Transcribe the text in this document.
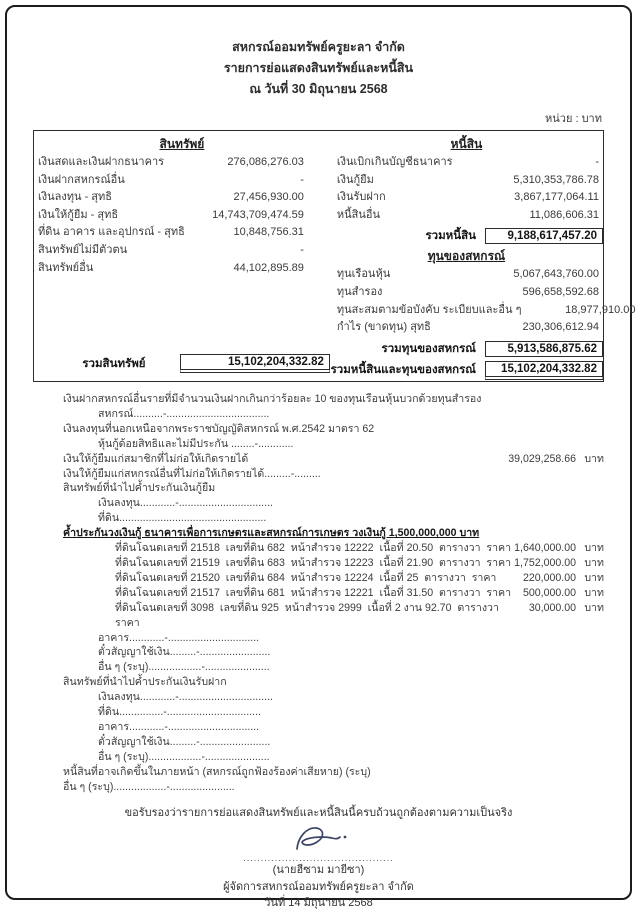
สหกรณ์ออมทรัพย์ครูยะลา จำกัด
รายการย่อแสดงสินทรัพย์และหนี้สิน
ณ วันที่ 30 มิถุนายน 2568
หน่วย : บาท
สินทรัพย์
เงินสดและเงินฝากธนาคาร	276,086,276.03
เงินฝากสหกรณ์อื่น	-
เงินลงทุน - สุทธิ	27,456,930.00
เงินให้กู้ยืม - สุทธิ	14,743,709,474.59
ที่ดิน อาคาร และอุปกรณ์ - สุทธิ	10,848,756.31
สินทรัพย์ไม่มีตัวตน	-
สินทรัพย์อื่น	44,102,895.89
รวมสินทรัพย์	15,102,204,332.82
หนี้สิน
เงินเบิกเกินบัญชีธนาคาร	-
เงินกู้ยืม	5,310,353,786.78
เงินรับฝาก	3,867,177,064.11
หนี้สินอื่น	11,086,606.31
รวมหนี้สิน	9,188,617,457.20
ทุนของสหกรณ์
ทุนเรือนหุ้น	5,067,643,760.00
ทุนสำรอง	596,658,592.68
ทุนสะสมตามข้อบังคับ ระเบียบและอื่น ๆ	18,977,910.00
กำไร (ขาดทุน) สุทธิ	230,306,612.94
รวมทุนของสหกรณ์	5,913,586,875.62
รวมหนี้สินและทุนของสหกรณ์	15,102,204,332.82
เงินฝากสหกรณ์อื่นรายที่มีจำนวนเงินฝากเกินกว่าร้อยละ 10 ของทุนเรือนหุ้นบวกด้วยทุนสำรอง
สหกรณ์..........-...................................
เงินลงทุนที่นอกเหนือจากพระราชบัญญัติสหกรณ์ พ.ศ.2542 มาตรา 62
หุ้นกู้ด้อยสิทธิและไม่มีประกัน ........-............
เงินให้กู้ยืมแก่สมาชิกที่ไม่ก่อให้เกิดรายได้	39,029,258.66 บาท
เงินให้กู้ยืมแก่สหกรณ์อื่นที่ไม่ก่อให้เกิดรายได้.........-.........
สินทรัพย์ที่นำไปค้ำประกันเงินกู้ยืม
เงินลงทุน............-................................
ที่ดิน..................................................
ค้ำประกันวงเงินกู้ ธนาคารเพื่อการเกษตรและสหกรณ์การเกษตร วงเงินกู้ 1,500,000,000 บาท
ที่ดินโฉนดเลขที่ 21518  เลขที่ดิน 682  หน้าสำรวจ 12222  เนื้อที่ 20.50  ตารางวา  ราคา 1,640,000.00 บาท
ที่ดินโฉนดเลขที่ 21519  เลขที่ดิน 683  หน้าสำรวจ 12223  เนื้อที่ 21.90  ตารางวา  ราคา 1,752,000.00 บาท
ที่ดินโฉนดเลขที่ 21520  เลขที่ดิน 684  หน้าสำรวจ 12224  เนื้อที่ 25  ตารางวา  ราคา	220,000.00 บาท
ที่ดินโฉนดเลขที่ 21517  เลขที่ดิน 681  หน้าสำรวจ 12221  เนื้อที่ 31.50  ตารางวา  ราคา 500,000.00 บาท
ที่ดินโฉนดเลขที่ 3098  เลขที่ดิน 925  หน้าสำรวจ 2999  เนื้อที่ 2 งาน 92.70  ตารางวา  ราคา
30,000.00 บาท
อาคาร............-...............................
ตั๋วสัญญาใช้เงิน.........-........................
อื่น ๆ (ระบุ)..................-......................
สินทรัพย์ที่นำไปค้ำประกันเงินรับฝาก
เงินลงทุน............-................................
ที่ดิน...............-................................
อาคาร............-...............................
ตั๋วสัญญาใช้เงิน.........-........................
อื่น ๆ (ระบุ)..................-......................
หนี้สินที่อาจเกิดขึ้นในภายหน้า (สหกรณ์ถูกฟ้องร้องค่าเสียหาย) (ระบุ)
อื่น ๆ (ระบุ)..................-......................
ขอรับรองว่ารายการย่อแสดงสินทรัพย์และหนี้สินนี้ครบถ้วนถูกต้องตามความเป็นจริง
...........................................
(นายฮีซาม มายีซา)
ผู้จัดการสหกรณ์ออมทรัพย์ครูยะลา จำกัด
วันที่ 14 มิถุนายน 2568
